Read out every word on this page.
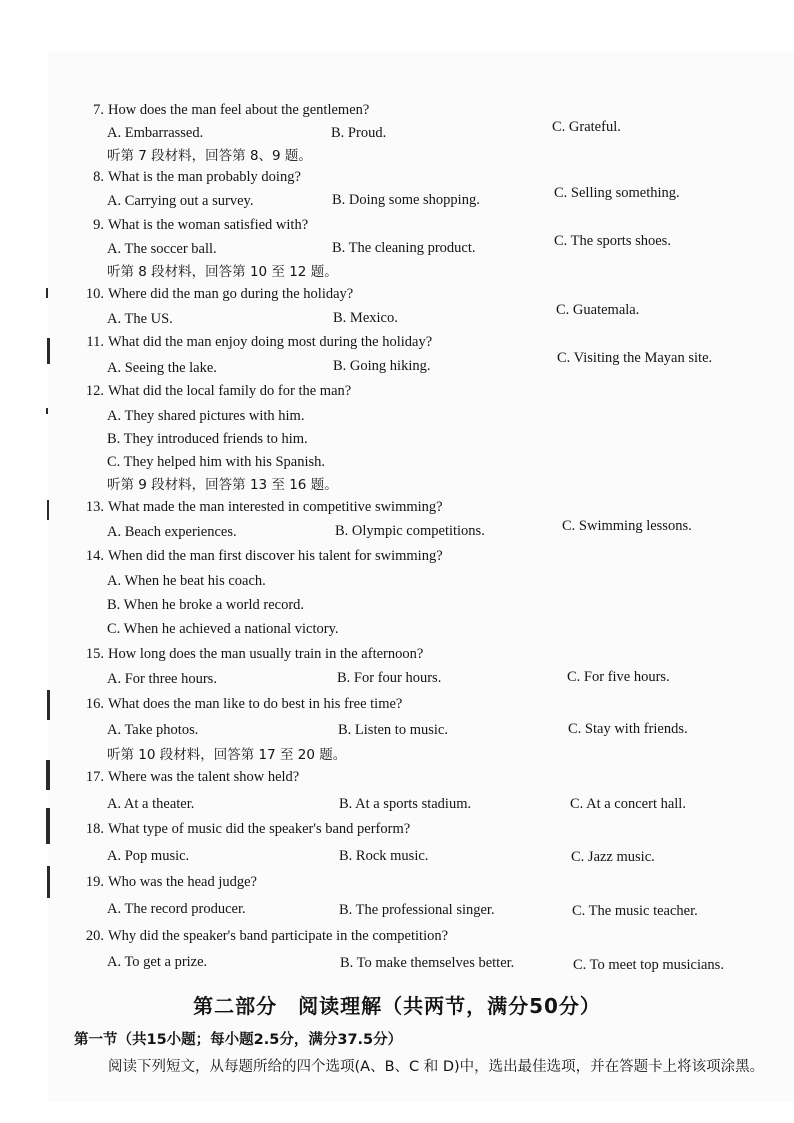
7. How does the man feel about the gentlemen?
A. Embarrassed.	B. Proud.	C. Grateful.
听第 7 段材料，回答第 8、9 题。
8. What is the man probably doing?
A. Carrying out a survey.	B. Doing some shopping.	C. Selling something.
9. What is the woman satisfied with?
A. The soccer ball.	B. The cleaning product.	C. The sports shoes.
听第 8 段材料，回答第 10 至 12 题。
10. Where did the man go during the holiday?
A. The US.	B. Mexico.	C. Guatemala.
11. What did the man enjoy doing most during the holiday?
A. Seeing the lake.	B. Going hiking.	C. Visiting the Mayan site.
12. What did the local family do for the man?
A. They shared pictures with him.
B. They introduced friends to him.
C. They helped him with his Spanish.
听第 9 段材料，回答第 13 至 16 题。
13. What made the man interested in competitive swimming?
A. Beach experiences.	B. Olympic competitions.	C. Swimming lessons.
14. When did the man first discover his talent for swimming?
A. When he beat his coach.
B. When he broke a world record.
C. When he achieved a national victory.
15. How long does the man usually train in the afternoon?
A. For three hours.	B. For four hours.	C. For five hours.
16. What does the man like to do best in his free time?
A. Take photos.	B. Listen to music.	C. Stay with friends.
听第 10 段材料，回答第 17 至 20 题。
17. Where was the talent show held?
A. At a theater.	B. At a sports stadium.	C. At a concert hall.
18. What type of music did the speaker's band perform?
A. Pop music.	B. Rock music.	C. Jazz music.
19. Who was the head judge?
A. The record producer.	B. The professional singer.	C. The music teacher.
20. Why did the speaker's band participate in the competition?
A. To get a prize.	B. To make themselves better.	C. To meet top musicians.
第二部分　阅读理解（共两节，满分50分）
第一节（共15小题；每小题2.5分，满分37.5分）
阅读下列短文，从每题所给的四个选项(A、B、C 和 D)中，选出最佳选项，并在答题卡上将该项涂黑。
